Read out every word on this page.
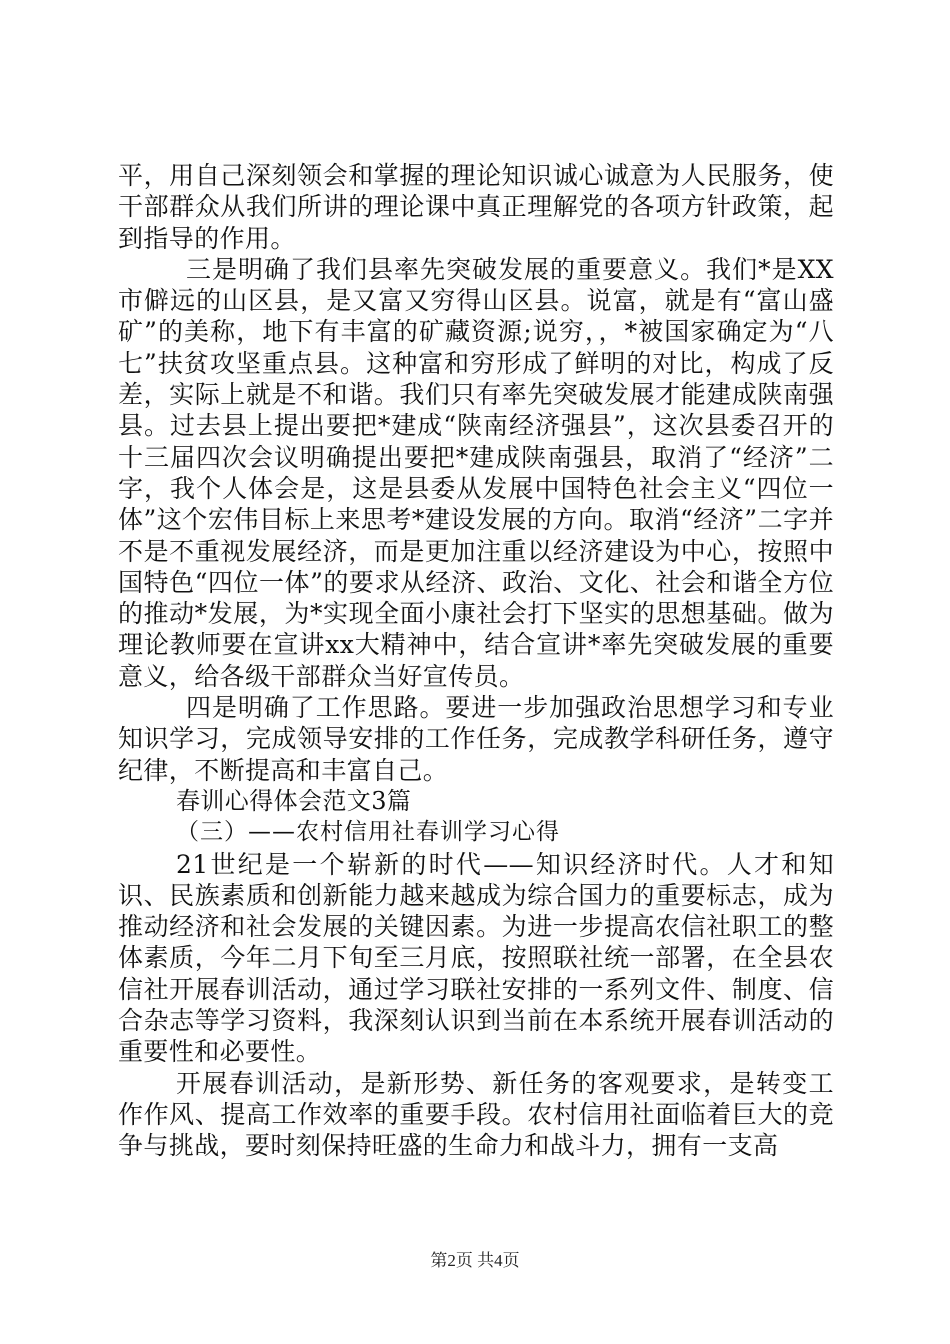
平，用自己深刻领会和掌握的理论知识诚心诚意为人民服务，使干部群众从我们所讲的理论课中真正理解党的各项方针政策，起到指导的作用。

三是明确了我们县率先突破发展的重要意义。我们*是XX市僻远的山区县，是又富又穷得山区县。说富，就是有“富山盛矿”的美称，地下有丰富的矿藏资源;说穷，，*被国家确定为“八七”扶贫攻坚重点县。这种富和穷形成了鲜明的对比，构成了反差，实际上就是不和谐。我们只有率先突破发展才能建成陕南强县。过去县上提出要把*建成“陕南经济强县”，这次县委召开的十三届四次会议明确提出要把*建成陕南强县，取消了“经济”二字，我个人体会是，这是县委从发展中国特色社会主义“四位一体”这个宏伟目标上来思考*建设发展的方向。取消“经济”二字并不是不重视发展经济，而是更加注重以经济建设为中心，按照中国特色“四位一体”的要求从经济、政治、文化、社会和谐全方位的推动*发展，为*实现全面小康社会打下坚实的思想基础。做为理论教师要在宣讲xx大精神中，结合宣讲*率先突破发展的重要意义，给各级干部群众当好宣传员。

四是明确了工作思路。要进一步加强政治思想学习和专业知识学习，完成领导安排的工作任务，完成教学科研任务，遵守纪律，不断提高和丰富自己。

春训心得体会范文3篇

（三）——农村信用社春训学习心得

21世纪是一个崭新的时代——知识经济时代。人才和知识、民族素质和创新能力越来越成为综合国力的重要标志，成为推动经济和社会发展的关键因素。为进一步提高农信社职工的整体素质，今年二月下旬至三月底，按照联社统一部署，在全县农信社开展春训活动，通过学习联社安排的一系列文件、制度、信合杂志等学习资料，我深刻认识到当前在本系统开展春训活动的重要性和必要性。

开展春训活动，是新形势、新任务的客观要求，是转变工作作风、提高工作效率的重要手段。农村信用社面临着巨大的竞争与挑战，要时刻保持旺盛的生命力和战斗力，拥有一支高

第2页 共4页
